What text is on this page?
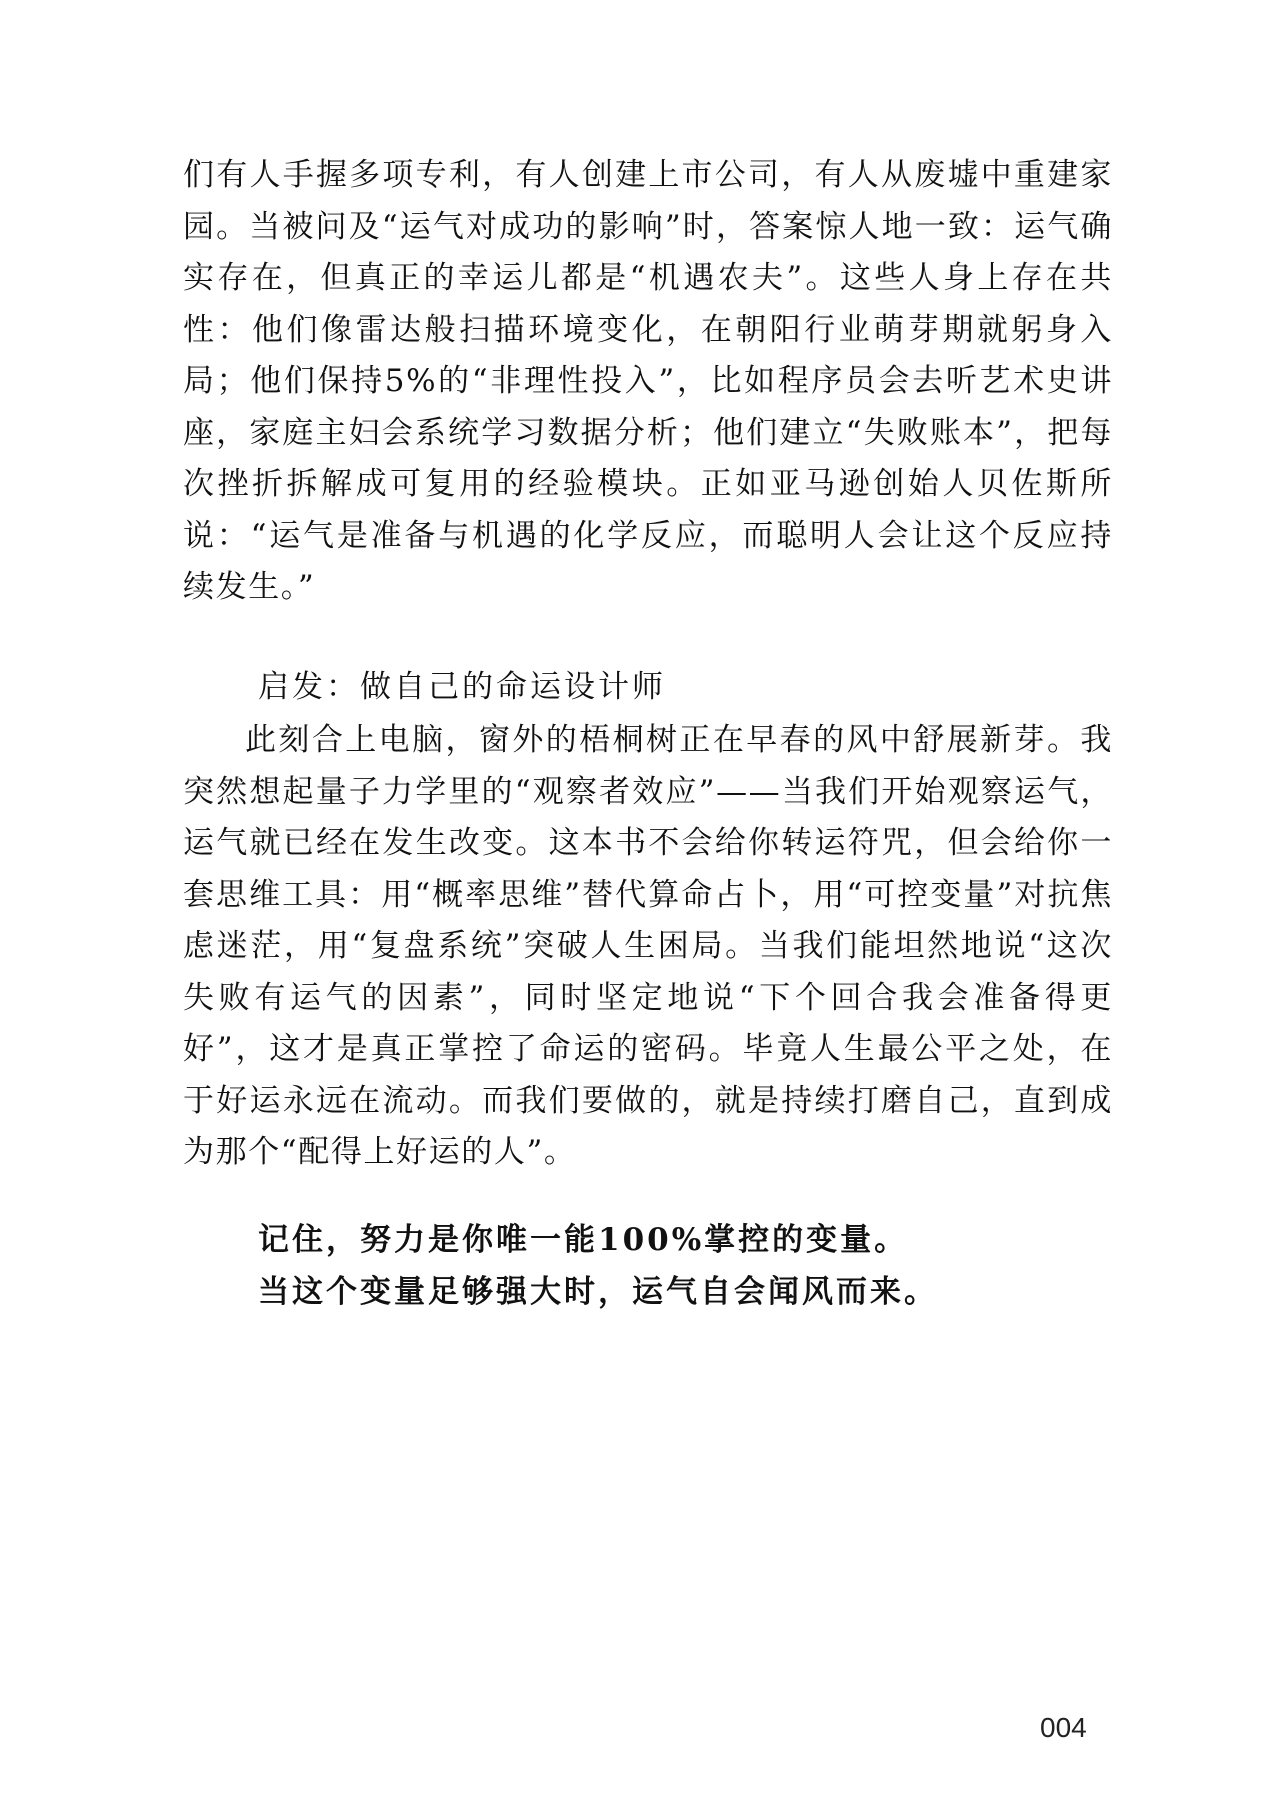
们有人手握多项专利，有人创建上市公司，有人从废墟中重建家园。当被问及“运气对成功的影响”时，答案惊人地一致：运气确实存在，但真正的幸运儿都是“机遇农夫”。这些人身上存在共性：他们像雷达般扫描环境变化，在朝阳行业萌芽期就躬身入局；他们保持5%的“非理性投入”，比如程序员会去听艺术史讲座，家庭主妇会系统学习数据分析；他们建立“失败账本”，把每次挫折拆解成可复用的经验模块。正如亚马逊创始人贝佐斯所说：“运气是准备与机遇的化学反应，而聪明人会让这个反应持续发生。”

启发：做自己的命运设计师

此刻合上电脑，窗外的梧桐树正在早春的风中舒展新芽。我突然想起量子力学里的“观察者效应”——当我们开始观察运气，运气就已经在发生改变。这本书不会给你转运符咒，但会给你一套思维工具：用“概率思维”替代算命占卜，用“可控变量”对抗焦虑迷茫，用“复盘系统”突破人生困局。当我们能坦然地说“这次失败有运气的因素”，同时坚定地说“下个回合我会准备得更好”，这才是真正掌控了命运的密码。毕竟人生最公平之处，在于好运永远在流动。而我们要做的，就是持续打磨自己，直到成为那个“配得上好运的人”。

记住，努力是你唯一能100%掌控的变量。

当这个变量足够强大时，运气自会闻风而来。

004
